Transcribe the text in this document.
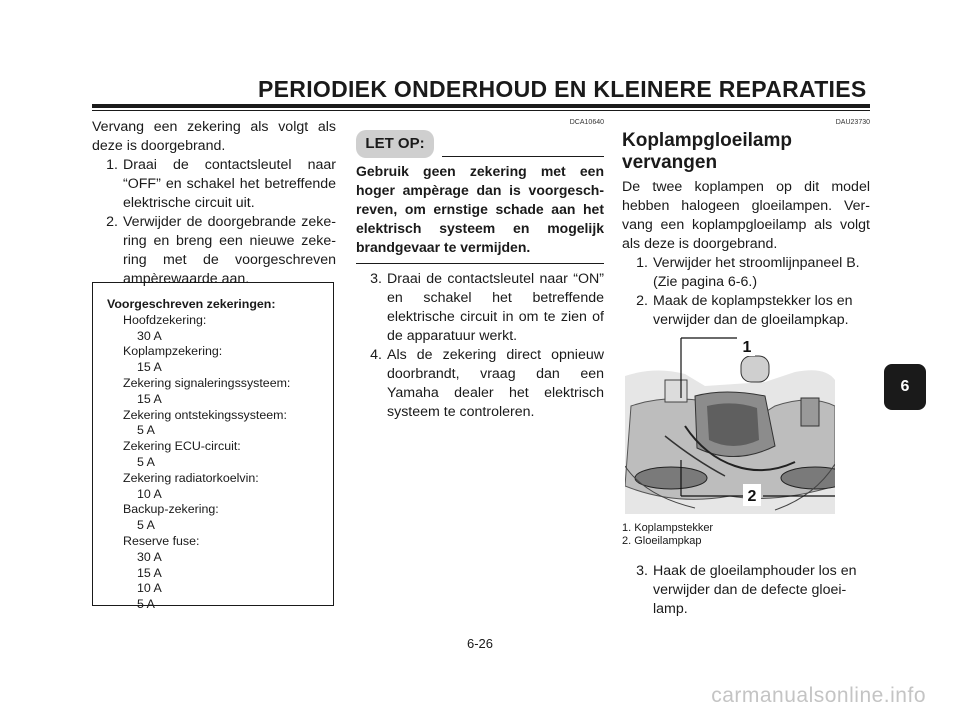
PERIODIEK ONDERHOUD EN KLEINERE REPARATIES
Vervang een zekering als volgt als deze is doorgebrand.
1. Draai de contactsleutel naar “OFF” en schakel het betreffende elektrische circuit uit.
2. Verwijder de doorgebrande zeke-ring en breng een nieuwe zeke-ring met de voorgeschreven ampèrewaarde aan.
Voorgeschreven zekeringen:
Hoofdzekering:
30 A
Koplampzekering:
15 A
Zekering signaleringssysteem:
15 A
Zekering ontstekingssysteem:
5 A
Zekering ECU-circuit:
5 A
Zekering radiatorkoelvin:
10 A
Backup-zekering:
5 A
Reserve fuse:
30 A
15 A
10 A
5 A
DCA10640
LET OP:
Gebruik geen zekering met een hoger ampèrage dan is voorgesch-reven, om ernstige schade aan het elektrisch systeem en mogelijk brandgevaar te vermijden.
3. Draai de contactsleutel naar “ON” en schakel het betreffende elektrische circuit in om te zien of de apparatuur werkt.
4. Als de zekering direct opnieuw doorbrandt, vraag dan een Yamaha dealer het elektrisch systeem te controleren.
DAU23730
Koplampgloeilamp vervangen
De twee koplampen op dit model hebben halogeen gloeilampen. Ver-vang een koplampgloeilamp als volgt als deze is doorgebrand.
1. Verwijder het stroomlijnpaneel B. (Zie pagina 6-6.)
2. Maak de koplampstekker los en verwijder dan de gloeilampkap.
1
2
1. Koplampstekker
2. Gloeilampkap
3. Haak de gloeilamphouder los en verwijder dan de defecte gloei-lamp.
6
6-26
carmanualsonline.info
